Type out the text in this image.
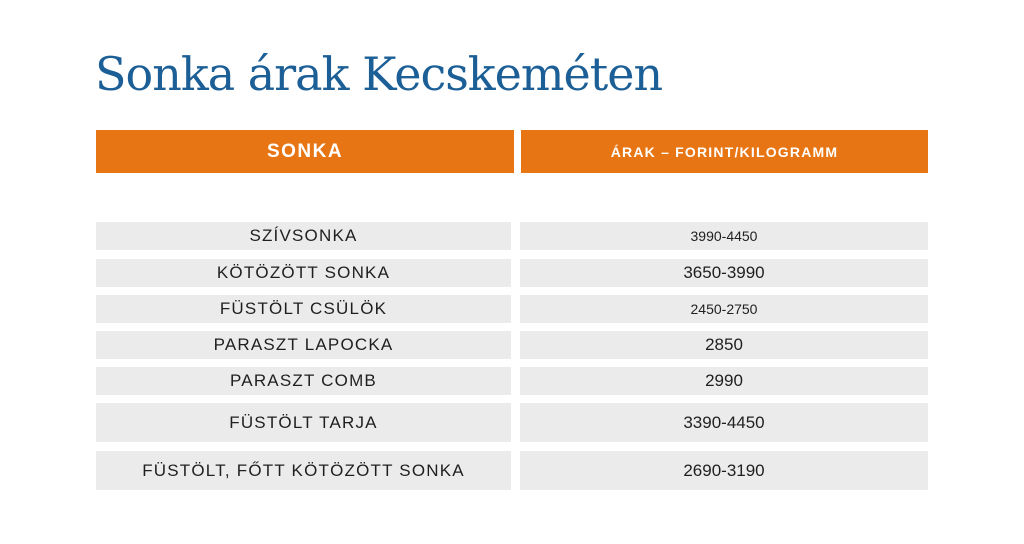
Sonka árak Kecskeméten
SONKA	ÁRAK – FORINT/KILOGRAMM
SZÍVSONKA	3990-4450
KÖTÖZÖTT SONKA	3650-3990
FÜSTÖLT CSÜLÖK	2450-2750
PARASZT LAPOCKA	2850
PARASZT COMB	2990
FÜSTÖLT TARJA	3390-4450
FÜSTÖLT, FŐTT KÖTÖZÖTT SONKA	2690-3190
